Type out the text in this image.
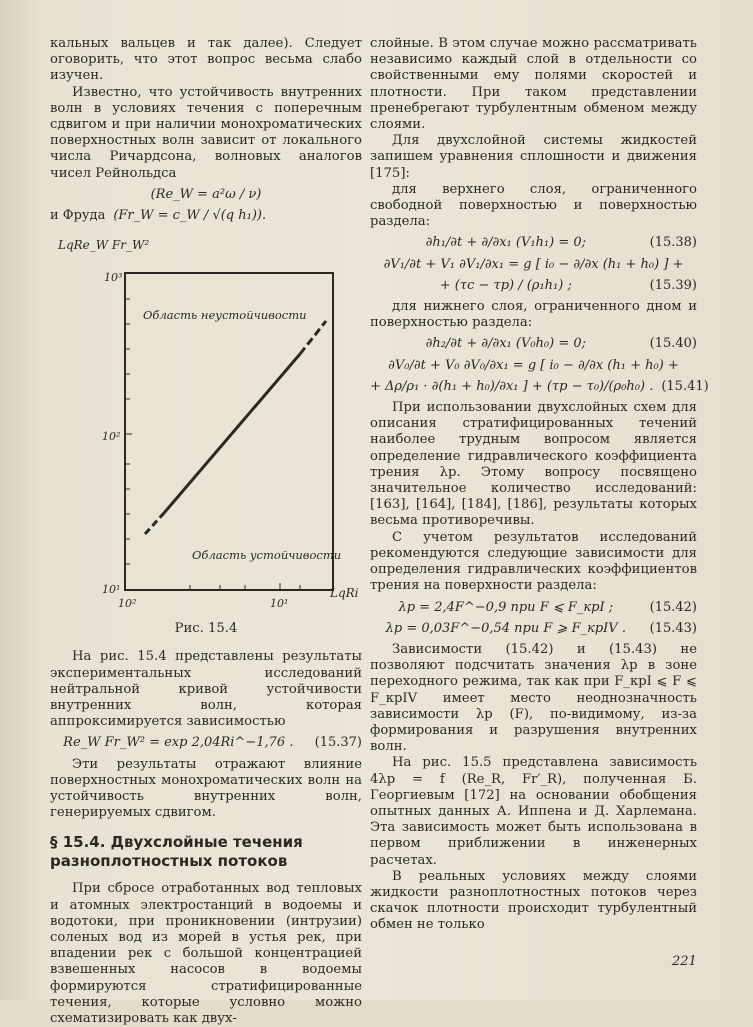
кальных вальцев и так далее). Следует оговорить, что этот вопрос весьма слабо изучен.

Известно, что устойчивость внутренних волн в условиях течения с поперечным сдвигом и при наличии монохроматических поверхностных волн зависит от локального числа Ричардсона, волновых аналогов чисел Рейнольдса

(Re_W = a²ω / ν)
и Фруда (Fr_W = c_W / √(q h₁)).
LqRe_W Fr_W²
10³
10²
10¹
10²	10¹
LqRi
Область неустойчивости
Область устойчивости

Рис. 15.4

На рис. 15.4 представлены результаты экспериментальных исследований нейтральной кривой устойчивости внутренних волн, которая аппроксимируется зависимостью

Re_W Fr_W² = exp 2,04Ri^−1,76 .	(15.37)

Эти результаты отражают влияние поверхностных монохроматических волн на устойчивость внутренних волн, генерируемых сдвигом.

§ 15.4. Двухслойные течения разноплотностных потоков

При сбросе отработанных вод тепловых и атомных электростанций в водоемы и водотоки, при проникновении (интрузии) соленых вод из морей в устья рек, при впадении рек с большой концентрацией взвешенных насосов в водоемы формируются стратифицированные течения, которые условно можно схематизировать как двух-

слойные. В этом случае можно рассматривать независимо каждый слой в отдельности со свойственными ему полями скоростей и плотности. При таком представлении пренебрегают турбулентным обменом между слоями.

Для двухслойной системы жидкостей запишем уравнения сплошности и движения [175]:

для верхнего слоя, ограниченного свободной поверхностью и поверхностью раздела:

∂h₁/∂t + ∂/∂x₁ (V₁h₁) = 0;	(15.38)
∂V₁/∂t + V₁ ∂V₁/∂x₁ = g [ i₀ − ∂/∂x (h₁ + h₀) ] +
+ (τc − τр) / (ρ₁h₁) ;	(15.39)

для нижнего слоя, ограниченного дном и поверхностью раздела:

∂h₂/∂t + ∂/∂x₁ (V₀h₀) = 0;	(15.40)
∂V₀/∂t + V₀ ∂V₀/∂x₁ = g [ i₀ − ∂/∂x (h₁ + h₀) +
+ Δρ/ρ₁ · ∂(h₁ + h₀)/∂x₁ ] + (τр − τ₀)/(ρ₀h₀) . (15.41)

При использовании двухслойных схем для описания стратифицированных течений наиболее трудным вопросом является определение гидравлического коэффициента трения λр. Этому вопросу посвящено значительное количество исследований: [163], [164], [184], [186], результаты которых весьма противоречивы.

С учетом результатов исследований рекомендуются следующие зависимости для определения гидравлических коэффициентов трения на поверхности раздела:

λр = 2,4F^−0,9 при F ⩽ F_крI ;	(15.42)
λр = 0,03F^−0,54 при F ⩾ F_крIV .	(15.43)

Зависимости (15.42) и (15.43) не позволяют подсчитать значения λр в зоне переходного режима, так как при F_крI ⩽ F ⩽ F_крIV имеет место неоднозначность зависимости λр (F), по-видимому, из-за формирования и разрушения внутренних волн.

На рис. 15.5 представлена зависимость 4λр = f (Re_R, Fr′_R), полученная Б. Георгиевым [172] на основании обобщения опытных данных А. Иппена и Д. Харлемана. Эта зависимость может быть использована в первом приближении в инженерных расчетах.

В реальных условиях между слоями жидкости разноплотностных потоков через скачок плотности происходит турбулентный обмен не только

221
